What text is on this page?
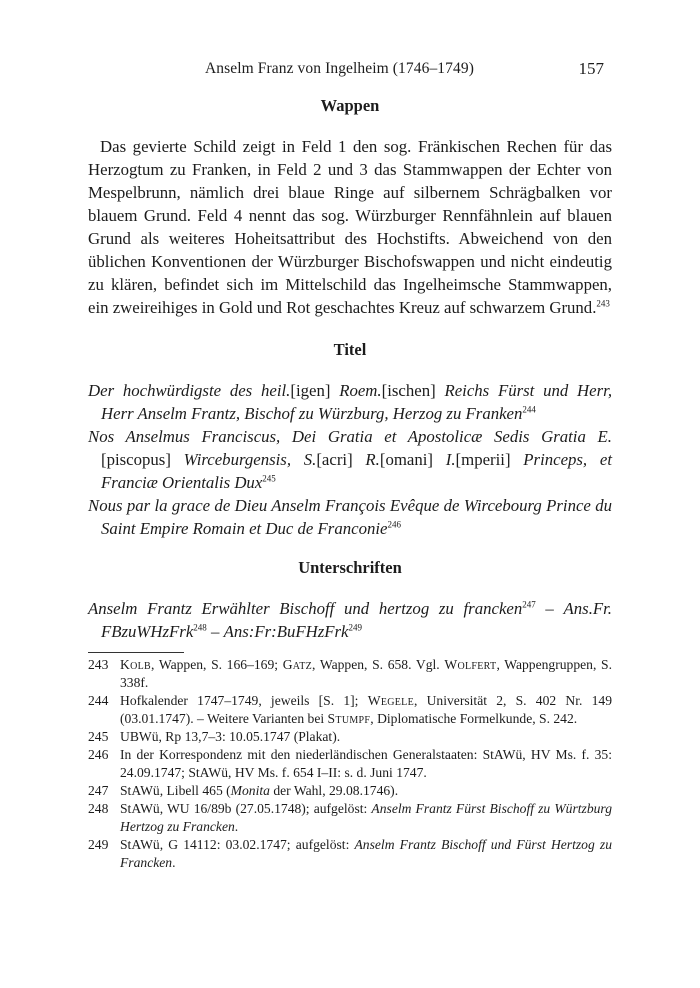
Anselm Franz von Ingelheim (1746–1749)	157
Wappen

Das gevierte Schild zeigt in Feld 1 den sog. Fränkischen Rechen für das Herzogtum zu Franken, in Feld 2 und 3 das Stammwappen der Echter von Mespelbrunn, nämlich drei blaue Ringe auf silbernem Schrägbalken vor blauem Grund. Feld 4 nennt das sog. Würzburger Rennfähnlein auf blauen Grund als weiteres Hoheitsattribut des Hochstifts. Abweichend von den üblichen Konventionen der Würzburger Bischofswappen und nicht eindeutig zu klären, befindet sich im Mittelschild das Ingelheimsche Stammwappen, ein zweireihiges in Gold und Rot geschachtes Kreuz auf schwarzem Grund.$^{243}$

Titel

Der hochwürdigste des heil.[igen] Roem.[ischen] Reichs Fürst und Herr, Herr Anselm Frantz, Bischof zu Würzburg, Herzog zu Franken$^{244}$

Nos Anselmus Franciscus, Dei Gratia et Apostolicæ Sedis Gratia E.[piscopus] Wirceburgensis, S.[acri] R.[omani] I.[mperii] Princeps, et Franciæ Orientalis Dux$^{245}$

Nous par la grace de Dieu Anselm François Evêque de Wircebourg Prince du Saint Empire Romain et Duc de Franconie$^{246}$

Unterschriften

Anselm Frantz Erwählter Bischoff und hertzog zu francken$^{247}$ – Ans.Fr. FBzuWHzFrk$^{248}$ – Ans:Fr:BuFHzFrk$^{249}$

243 Kolb, Wappen, S. 166–169; Gatz, Wappen, S. 658. Vgl. Wolfert, Wappengruppen, S. 338f.

244 Hofkalender 1747–1749, jeweils [S. 1]; Wegele, Universität 2, S. 402 Nr. 149 (03.01.1747). – Weitere Varianten bei Stumpf, Diplomatische Formelkunde, S. 242.

245 UBWü, Rp 13,7–3: 10.05.1747 (Plakat).

246 In der Korrespondenz mit den niederländischen Generalstaaten: StAWü, HV Ms. f. 35: 24.09.1747; StAWü, HV Ms. f. 654 I–II: s. d. Juni 1747.

247 StAWü, Libell 465 (Monita der Wahl, 29.08.1746).

248 StAWü, WU 16/89b (27.05.1748); aufgelöst: Anselm Frantz Fürst Bischoff zu Würtzburg Hertzog zu Francken.

249 StAWü, G 14112: 03.02.1747; aufgelöst: Anselm Frantz Bischoff und Fürst Hertzog zu Francken.
